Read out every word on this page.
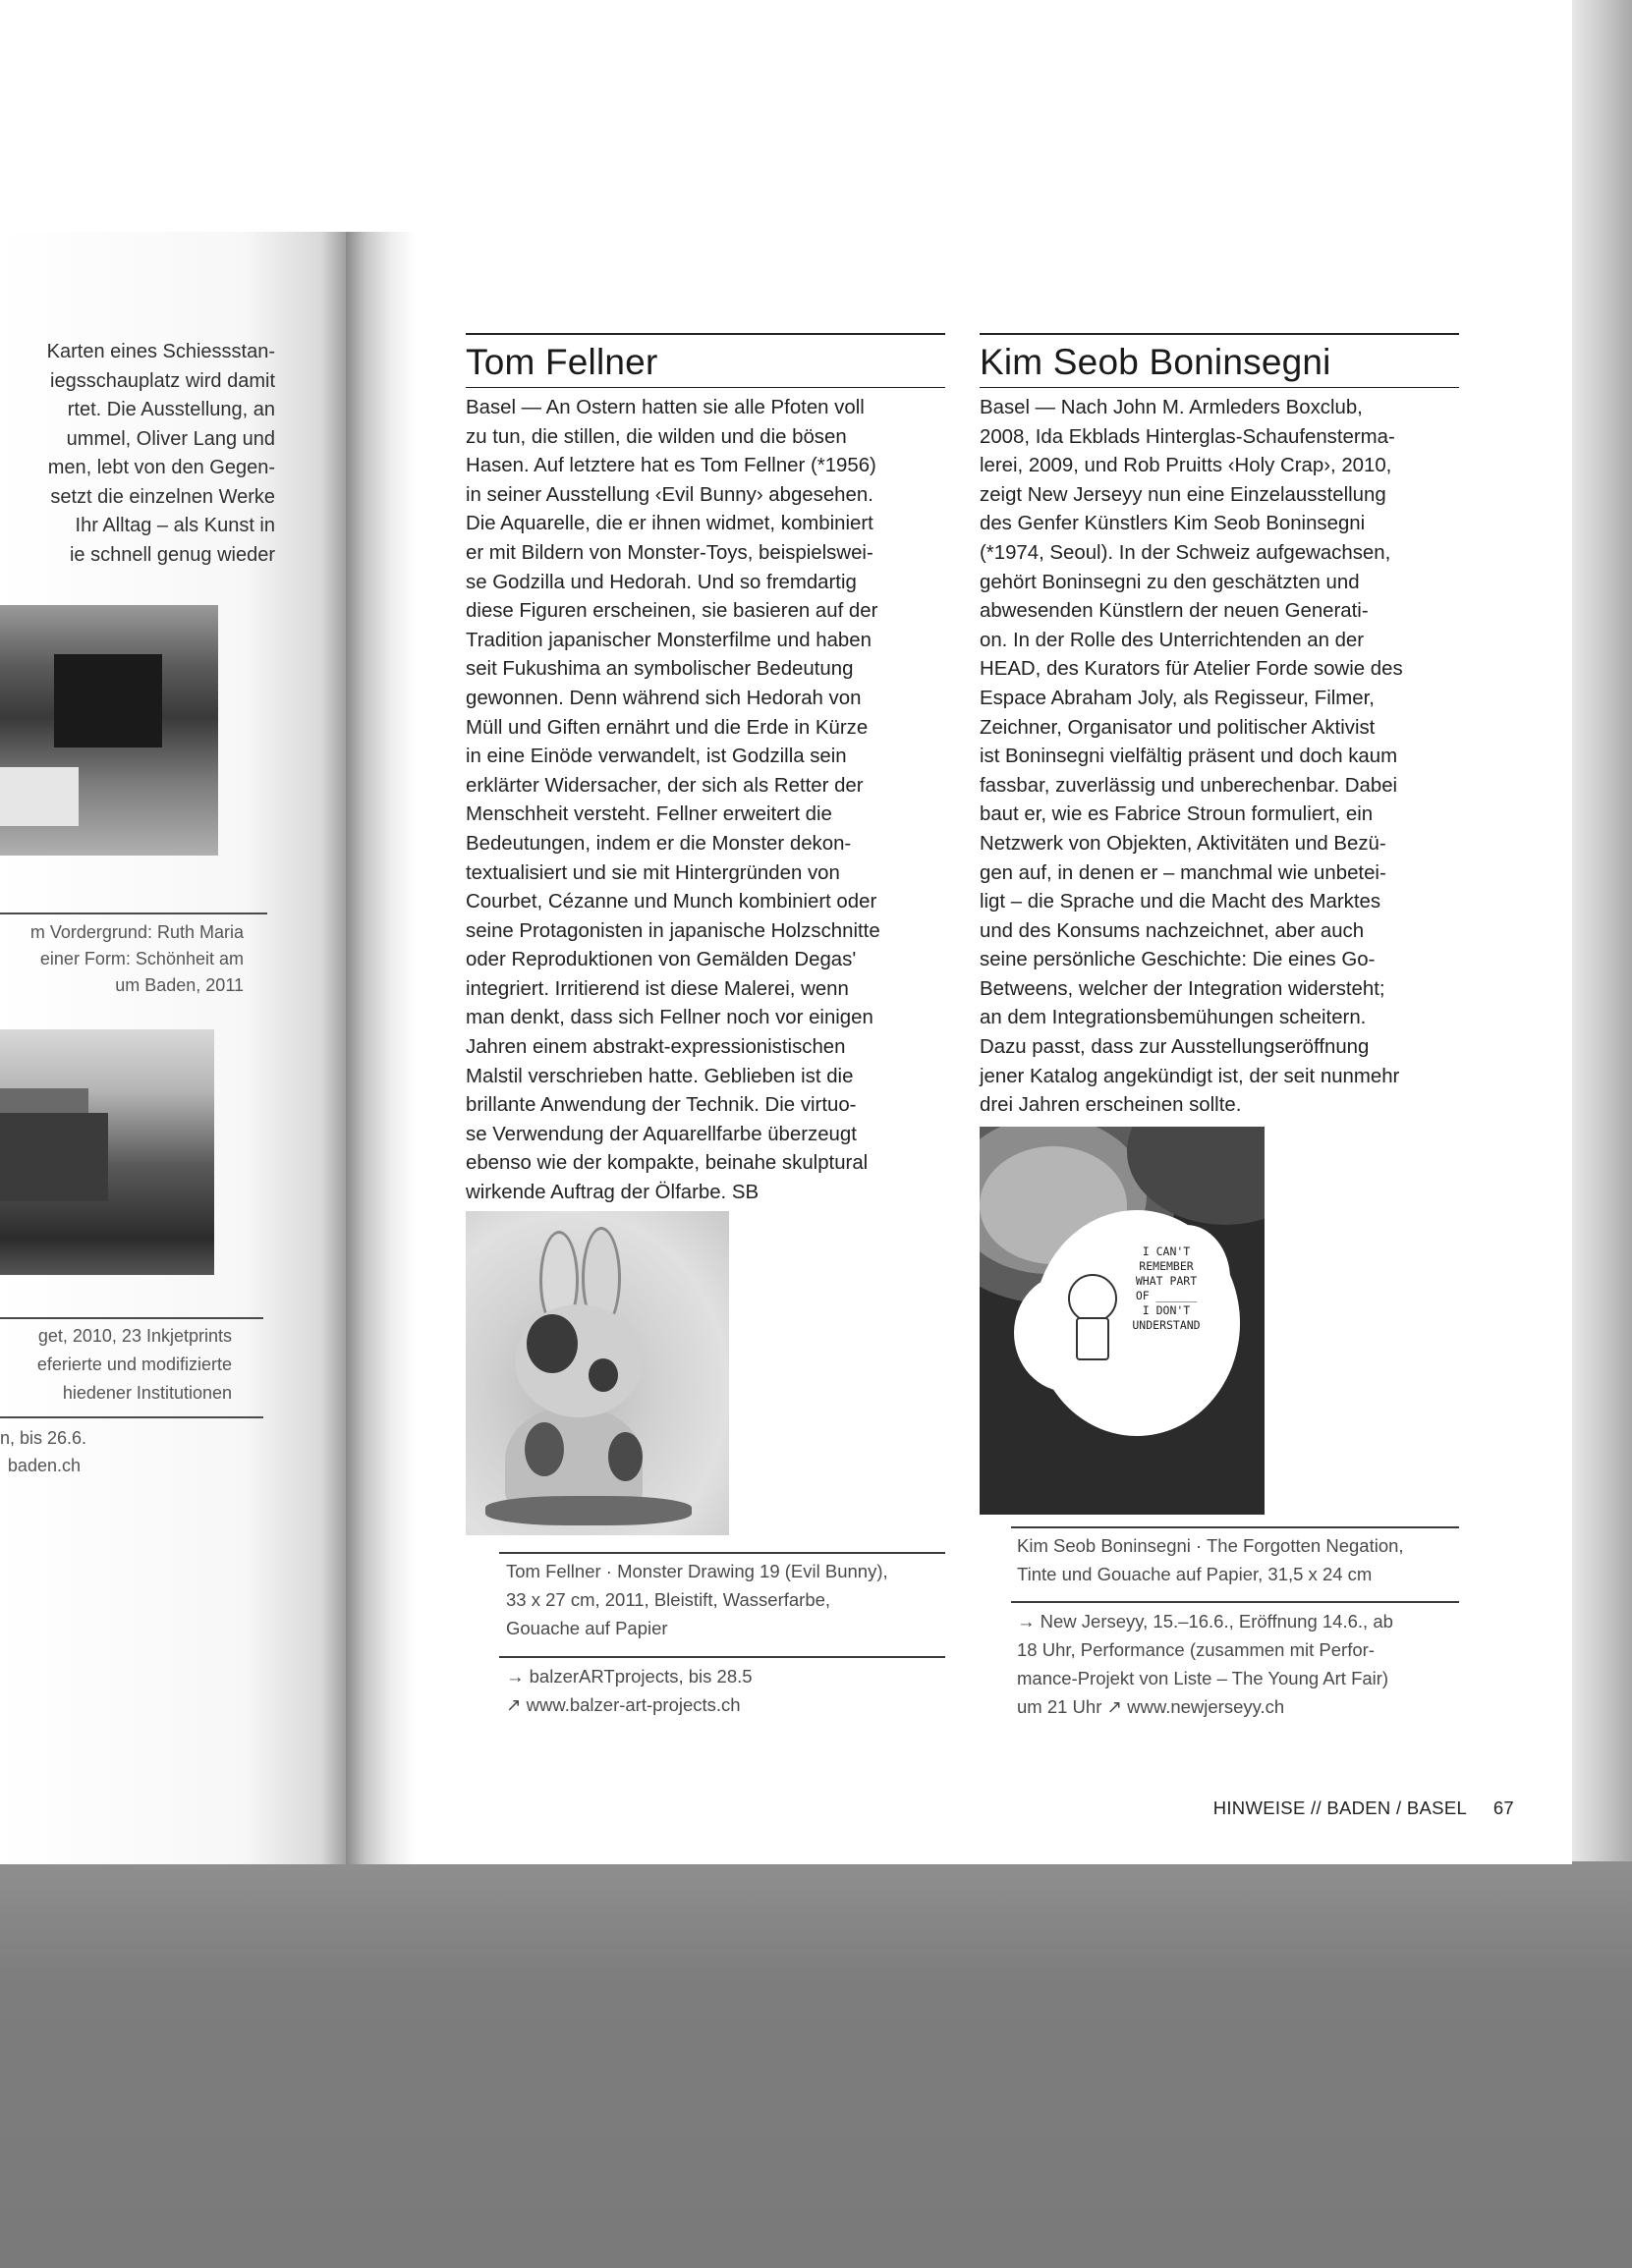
Karten eines Schiessstan-
iegsschauplatz wird damit
rtet. Die Ausstellung, an
ummel, Oliver Lang und
men, lebt von den Gegen-
setzt die einzelnen Werke
Ihr Alltag – als Kunst in
ie schnell genug wieder
m Vordergrund: Ruth Maria
einer Form: Schönheit am
um Baden, 2011
get, 2010, 23 Inkjetprints
eferierte und modifizierte
hiedener Institutionen
n, bis 26.6.
baden.ch
Tom Fellner
Basel — An Ostern hatten sie alle Pfoten voll
zu tun, die stillen, die wilden und die bösen
Hasen. Auf letztere hat es Tom Fellner (*1956)
in seiner Ausstellung ‹Evil Bunny› abgesehen.
Die Aquarelle, die er ihnen widmet, kombiniert
er mit Bildern von Monster-Toys, beispielswei-
se Godzilla und Hedorah. Und so fremdartig
diese Figuren erscheinen, sie basieren auf der
Tradition japanischer Monsterfilme und haben
seit Fukushima an symbolischer Bedeutung
gewonnen. Denn während sich Hedorah von
Müll und Giften ernährt und die Erde in Kürze
in eine Einöde verwandelt, ist Godzilla sein
erklärter Widersacher, der sich als Retter der
Menschheit versteht. Fellner erweitert die
Bedeutungen, indem er die Monster dekon-
textualisiert und sie mit Hintergründen von
Courbet, Cézanne und Munch kombiniert oder
seine Protagonisten in japanische Holzschnitte
oder Reproduktionen von Gemälden Degas'
integriert. Irritierend ist diese Malerei, wenn
man denkt, dass sich Fellner noch vor einigen
Jahren einem abstrakt-expressionistischen
Malstil verschrieben hatte. Geblieben ist die
brillante Anwendung der Technik. Die virtuo-
se Verwendung der Aquarellfarbe überzeugt
ebenso wie der kompakte, beinahe skulptural
wirkende Auftrag der Ölfarbe. SB
Tom Fellner · Monster Drawing 19 (Evil Bunny),
33 x 27 cm, 2011, Bleistift, Wasserfarbe,
Gouache auf Papier
→ balzerARTprojects, bis 28.5
↗ www.balzer-art-projects.ch
Kim Seob Boninsegni
Basel — Nach John M. Armleders Boxclub,
2008, Ida Ekblads Hinterglas-Schaufensterma-
lerei, 2009, und Rob Pruitts ‹Holy Crap›, 2010,
zeigt New Jerseyy nun eine Einzelausstellung
des Genfer Künstlers Kim Seob Boninsegni
(*1974, Seoul). In der Schweiz aufgewachsen,
gehört Boninsegni zu den geschätzten und
abwesenden Künstlern der neuen Generati-
on. In der Rolle des Unterrichtenden an der
HEAD, des Kurators für Atelier Forde sowie des
Espace Abraham Joly, als Regisseur, Filmer,
Zeichner, Organisator und politischer Aktivist
ist Boninsegni vielfältig präsent und doch kaum
fassbar, zuverlässig und unberechenbar. Dabei
baut er, wie es Fabrice Stroun formuliert, ein
Netzwerk von Objekten, Aktivitäten und Bezü-
gen auf, in denen er – manchmal wie unbetei-
ligt – die Sprache und die Macht des Marktes
und des Konsums nachzeichnet, aber auch
seine persönliche Geschichte: Die eines Go-
Betweens, welcher der Integration widersteht;
an dem Integrationsbemühungen scheitern.
Dazu passt, dass zur Ausstellungseröffnung
jener Katalog angekündigt ist, der seit nunmehr
drei Jahren erscheinen sollte.
I CAN'T
REMEMBER
WHAT PART
OF ______
I DON'T
UNDERSTAND
Kim Seob Boninsegni · The Forgotten Negation,
Tinte und Gouache auf Papier, 31,5 x 24 cm
→ New Jerseyy, 15.–16.6., Eröffnung 14.6., ab
18 Uhr, Performance (zusammen mit Perfor-
mance-Projekt von Liste – The Young Art Fair)
um 21 Uhr ↗ www.newjerseyy.ch
HINWEISE // BADEN / BASEL 67
